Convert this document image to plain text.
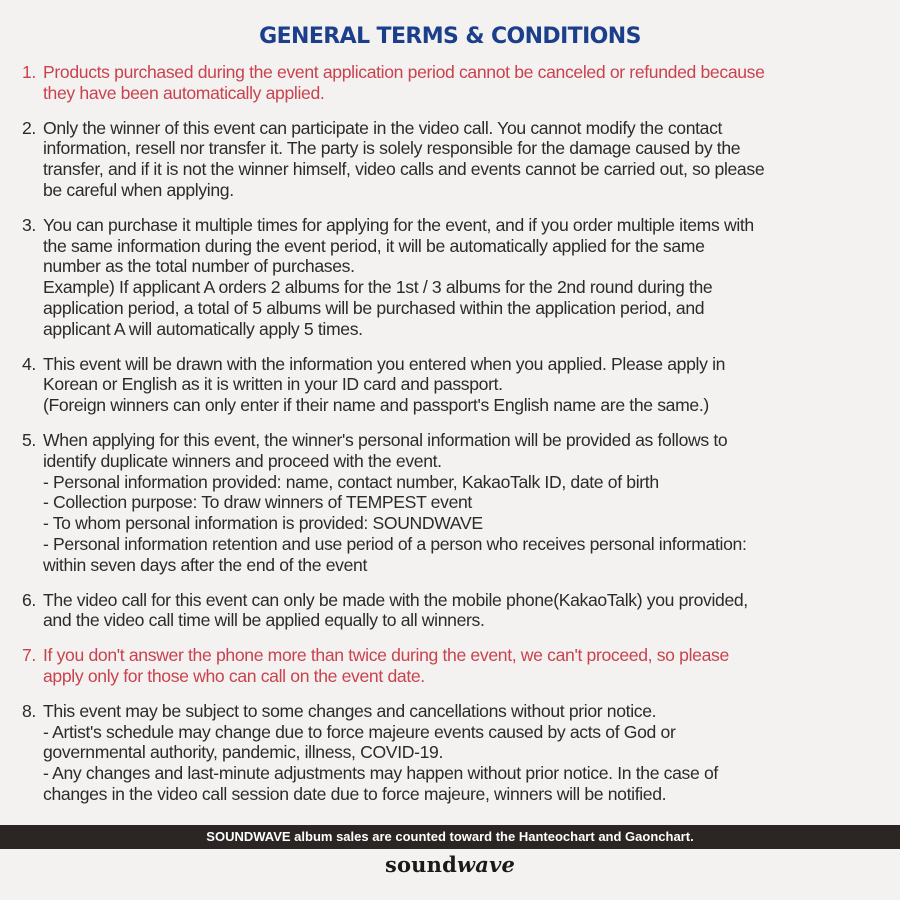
GENERAL TERMS & CONDITIONS
1. Products purchased during the event application period cannot be canceled or refunded because
they have been automatically applied.
2. Only the winner of this event can participate in the video call. You cannot modify the contact
information, resell nor transfer it. The party is solely responsible for the damage caused by the
transfer, and if it is not the winner himself, video calls and events cannot be carried out, so please
be careful when applying.
3. You can purchase it multiple times for applying for the event, and if you order multiple items with
the same information during the event period, it will be automatically applied for the same
number as the total number of purchases.
Example) If applicant A orders 2 albums for the 1st / 3 albums for the 2nd round during the
application period, a total of 5 albums will be purchased within the application period, and
applicant A will automatically apply 5 times.
4. This event will be drawn with the information you entered when you applied. Please apply in
Korean or English as it is written in your ID card and passport.
(Foreign winners can only enter if their name and passport's English name are the same.)
5. When applying for this event, the winner's personal information will be provided as follows to
identify duplicate winners and proceed with the event.
- Personal information provided: name, contact number, KakaoTalk ID, date of birth
- Collection purpose: To draw winners of TEMPEST event
- To whom personal information is provided: SOUNDWAVE
- Personal information retention and use period of a person who receives personal information:
within seven days after the end of the event
6. The video call for this event can only be made with the mobile phone(KakaoTalk) you provided,
and the video call time will be applied equally to all winners.
7. If you don't answer the phone more than twice during the event, we can't proceed, so please
apply only for those who can call on the event date.
8. This event may be subject to some changes and cancellations without prior notice.
- Artist's schedule may change due to force majeure events caused by acts of God or
governmental authority, pandemic, illness, COVID-19.
- Any changes and last-minute adjustments may happen without prior notice. In the case of
changes in the video call session date due to force majeure, winners will be notified.
SOUNDWAVE album sales are counted toward the Hanteochart and Gaonchart.
soundwave
